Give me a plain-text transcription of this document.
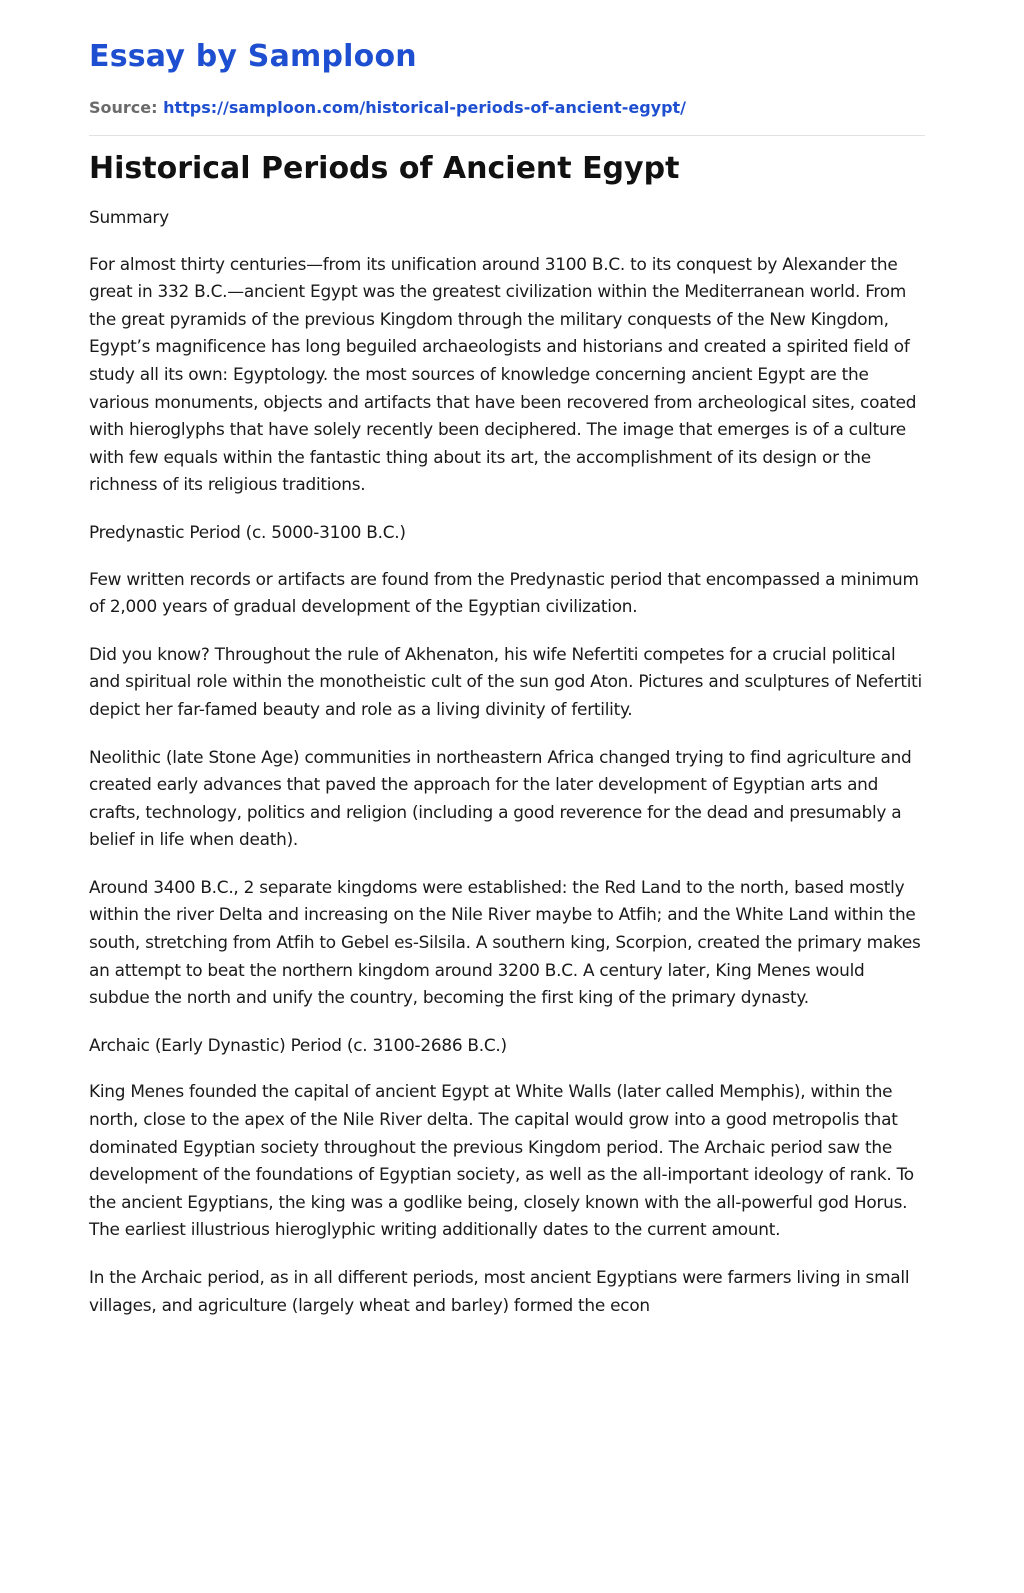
Essay by Samploon
Source: https://samploon.com/historical-periods-of-ancient-egypt/
Historical Periods of Ancient Egypt

Summary

For almost thirty centuries—from its unification around 3100 B.C. to its conquest by Alexander the great in 332 B.C.—ancient Egypt was the greatest civilization within the Mediterranean world. From the great pyramids of the previous Kingdom through the military conquests of the New Kingdom, Egypt’s magnificence has long beguiled archaeologists and historians and created a spirited field of study all its own: Egyptology. the most sources of knowledge concerning ancient Egypt are the various monuments, objects and artifacts that have been recovered from archeological sites, coated with hieroglyphs that have solely recently been deciphered. The image that emerges is of a culture with few equals within the fantastic thing about its art, the accomplishment of its design or the richness of its religious traditions.

Predynastic Period (c. 5000-3100 B.C.)

Few written records or artifacts are found from the Predynastic period that encompassed a minimum of 2,000 years of gradual development of the Egyptian civilization.

Did you know? Throughout the rule of Akhenaton, his wife Nefertiti competes for a crucial political and spiritual role within the monotheistic cult of the sun god Aton. Pictures and sculptures of Nefertiti depict her far-famed beauty and role as a living divinity of fertility.

Neolithic (late Stone Age) communities in northeastern Africa changed trying to find agriculture and created early advances that paved the approach for the later development of Egyptian arts and crafts, technology, politics and religion (including a good reverence for the dead and presumably a belief in life when death).

Around 3400 B.C., 2 separate kingdoms were established: the Red Land to the north, based mostly within the river Delta and increasing on the Nile River maybe to Atfih; and the White Land within the south, stretching from Atfih to Gebel es-Silsila. A southern king, Scorpion, created the primary makes an attempt to beat the northern kingdom around 3200 B.C. A century later, King Menes would subdue the north and unify the country, becoming the first king of the primary dynasty.

Archaic (Early Dynastic) Period (c. 3100-2686 B.C.)

King Menes founded the capital of ancient Egypt at White Walls (later called Memphis), within the north, close to the apex of the Nile River delta. The capital would grow into a good metropolis that dominated Egyptian society throughout the previous Kingdom period. The Archaic period saw the development of the foundations of Egyptian society, as well as the all-important ideology of rank. To the ancient Egyptians, the king was a godlike being, closely known with the all-powerful god Horus. The earliest illustrious hieroglyphic writing additionally dates to the current amount.

In the Archaic period, as in all different periods, most ancient Egyptians were farmers living in small villages, and agriculture (largely wheat and barley) formed the econ
